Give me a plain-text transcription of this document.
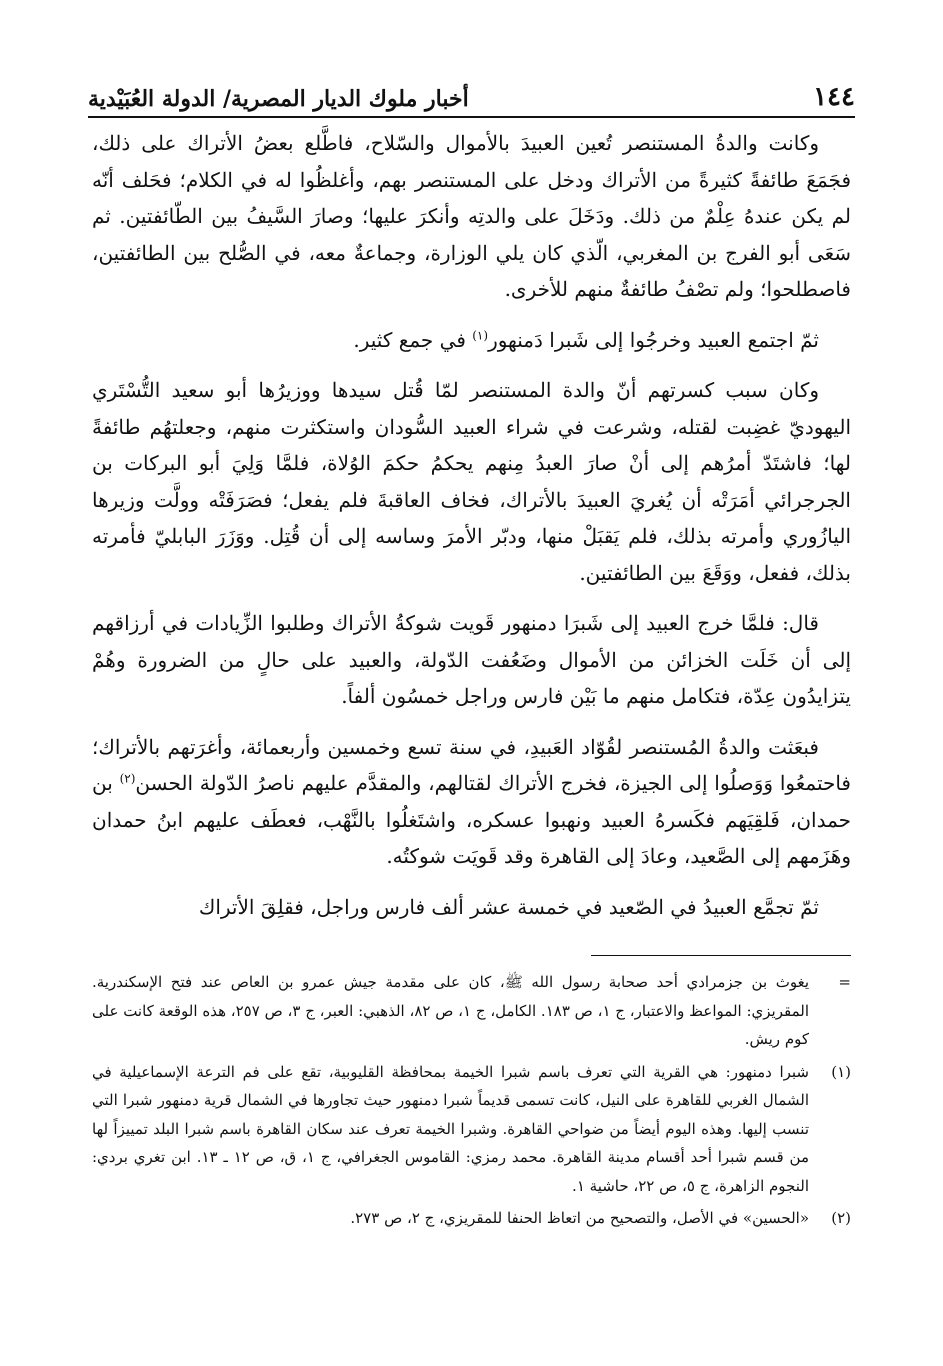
١٤٤
أخبار ملوك الديار المصرية/ الدولة العُبَيْدية

وكانت والدةُ المستنصر تُعين العبيدَ بالأموال والسّلاح، فاطَّلع بعضُ الأتراك على ذلك، فجَمَعَ طائفةً كثيرةً من الأتراك ودخل على المستنصر بهم، وأغلظُوا له في الكلام؛ فحَلف أنّه لم يكن عندهُ عِلْمٌ من ذلك. ودَخَلَ على والدتِه وأنكرَ عليها؛ وصارَ السَّيفُ بين الطّائفتين. ثم سَعَى أبو الفرج بن المغربي، الّذي كان يلي الوزارة، وجماعةٌ معه، في الصُّلح بين الطائفتين، فاصطلحوا؛ ولم تصْفُ طائفةٌ منهم للأخرى.

ثمّ اجتمع العبيد وخرجُوا إلى شَبرا دَمنهور$^{(١)}$ في جمع كثير.

وكان سبب كسرتهم أنّ والدة المستنصر لمّا قُتل سيدها ووزيرُها أبو سعيد التُّسْتَري اليهوديّ غضِبت لقتله، وشرعت في شراء العبيد السُّودان واستكثرت منهم، وجعلتهُم طائفةً لها؛ فاشتَدّ أمرُهم إلى أنْ صارَ العبدُ مِنهم يحكمُ حكمَ الوُلاة، فلمَّا وَلِيَ أبو البركات بن الجرجرائي أمَرَتْه أن يُغريَ العبيدَ بالأتراك، فخاف العاقبةَ فلم يفعل؛ فصَرَفَتْه وولَّت وزيرها اليازُوري وأمرته بذلك، فلم يَقبَلْ منها، ودبّر الأمرَ وساسه إلى أن قُتِل. ووَزَرَ البابليّ فأمرته بذلك، ففعل، ووَقَعَ بين الطائفتين.

قال: فلمَّا خرج العبيد إلى شَبرَا دمنهور قَويت شوكةُ الأتراك وطلبوا الزِّيادات في أرزاقهم إلى أن خَلَت الخزائن من الأموال وضَعُفت الدّولة، والعبيد على حالٍ من الضرورة وهُمْ يتزايدُون عِدّة، فتكامل منهم ما بَيْن فارس وراجل خمسُون ألفاً.

فبعَثت والدةُ المُستنصر لقُوّاد العَبيدِ، في سنة تسع وخمسين وأربعمائة، وأغرَتهم بالأتراك؛ فاحتمعُوا وَوَصلُوا إلى الجيزة، فخرج الأتراك لقتالهم، والمقدَّم عليهم ناصرُ الدّولة الحسن$^{(٢)}$ بن حمدان، فَلقِيَهم فكَسرهُ العبيد ونهبوا عسكره، واشتَغلُوا بالنَّهْب، فعطَف عليهم ابنُ حمدان وهَزَمهم إلى الصَّعيد، وعادَ إلى القاهرة وقد قَويَت شوكتُه.

ثمّ تجمَّع العبيدُ في الصّعيد في خمسة عشر ألف فارس وراجل، فقلِقَ الأتراك

=
يغوث بن جزمرادي أحد صحابة رسول الله ﷺ، كان على مقدمة جيش عمرو بن العاص عند فتح الإسكندرية. المقريزي: المواعظ والاعتبار، ج ١، ص ١٨٣. الكامل، ج ١، ص ٨٢، الذهبي: العبر، ج ٣، ص ٢٥٧، هذه الوقعة كانت على كوم ريش.
(١)
شبرا دمنهور: هي القرية التي تعرف باسم شبرا الخيمة بمحافظة القليوبية، تقع على فم الترعة الإسماعيلية في الشمال الغربي للقاهرة على النيل، كانت تسمى قديماً شبرا دمنهور حيث تجاورها في الشمال قرية دمنهور شبرا التي تنسب إليها. وهذه اليوم أيضاً من ضواحي القاهرة. وشبرا الخيمة تعرف عند سكان القاهرة باسم شبرا البلد تمييزاً لها من قسم شبرا أحد أقسام مدينة القاهرة. محمد رمزي: القاموس الجغرافي، ج ١، ق، ص ١٢ ـ ١٣. ابن تغري بردي: النجوم الزاهرة، ج ٥، ص ٢٢، حاشية ١.
(٢)
«الحسين» في الأصل، والتصحيح من اتعاظ الحنفا للمقريزي، ج ٢، ص ٢٧٣.
